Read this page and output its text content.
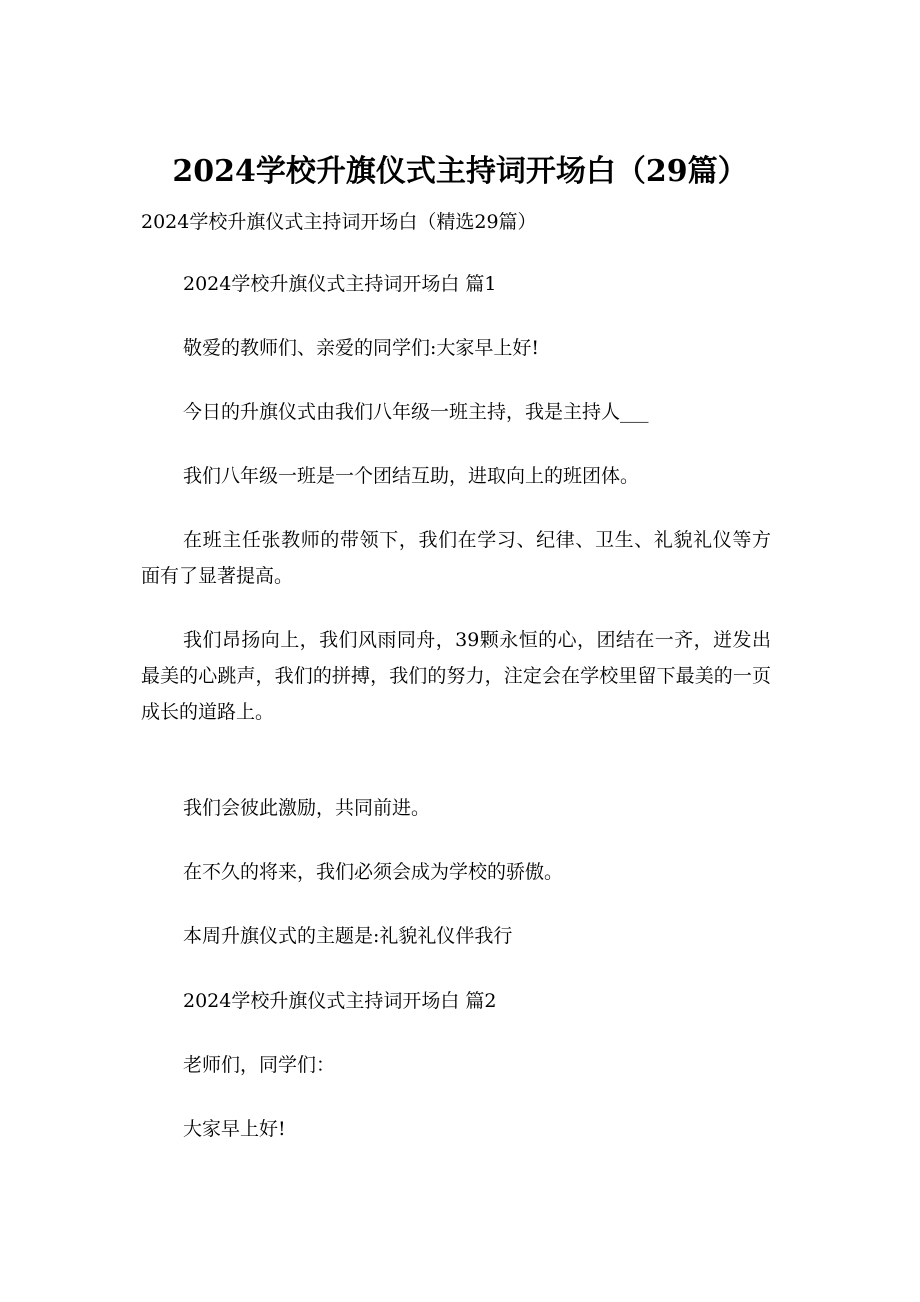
2024学校升旗仪式主持词开场白（29篇）
2024学校升旗仪式主持词开场白（精选29篇）
2024学校升旗仪式主持词开场白 篇1
敬爱的教师们、亲爱的同学们:大家早上好!
今日的升旗仪式由我们八年级一班主持，我是主持人___
我们八年级一班是一个团结互助，进取向上的班团体。
在班主任张教师的带领下，我们在学习、纪律、卫生、礼貌礼仪等方面有了显著提高。
我们昂扬向上，我们风雨同舟，39颗永恒的心，团结在一齐，迸发出最美的心跳声，我们的拼搏，我们的努力，注定会在学校里留下最美的一页成长的道路上。
我们会彼此激励，共同前进。
在不久的将来，我们必须会成为学校的骄傲。
本周升旗仪式的主题是:礼貌礼仪伴我行
2024学校升旗仪式主持词开场白 篇2
老师们，同学们：
大家早上好!
